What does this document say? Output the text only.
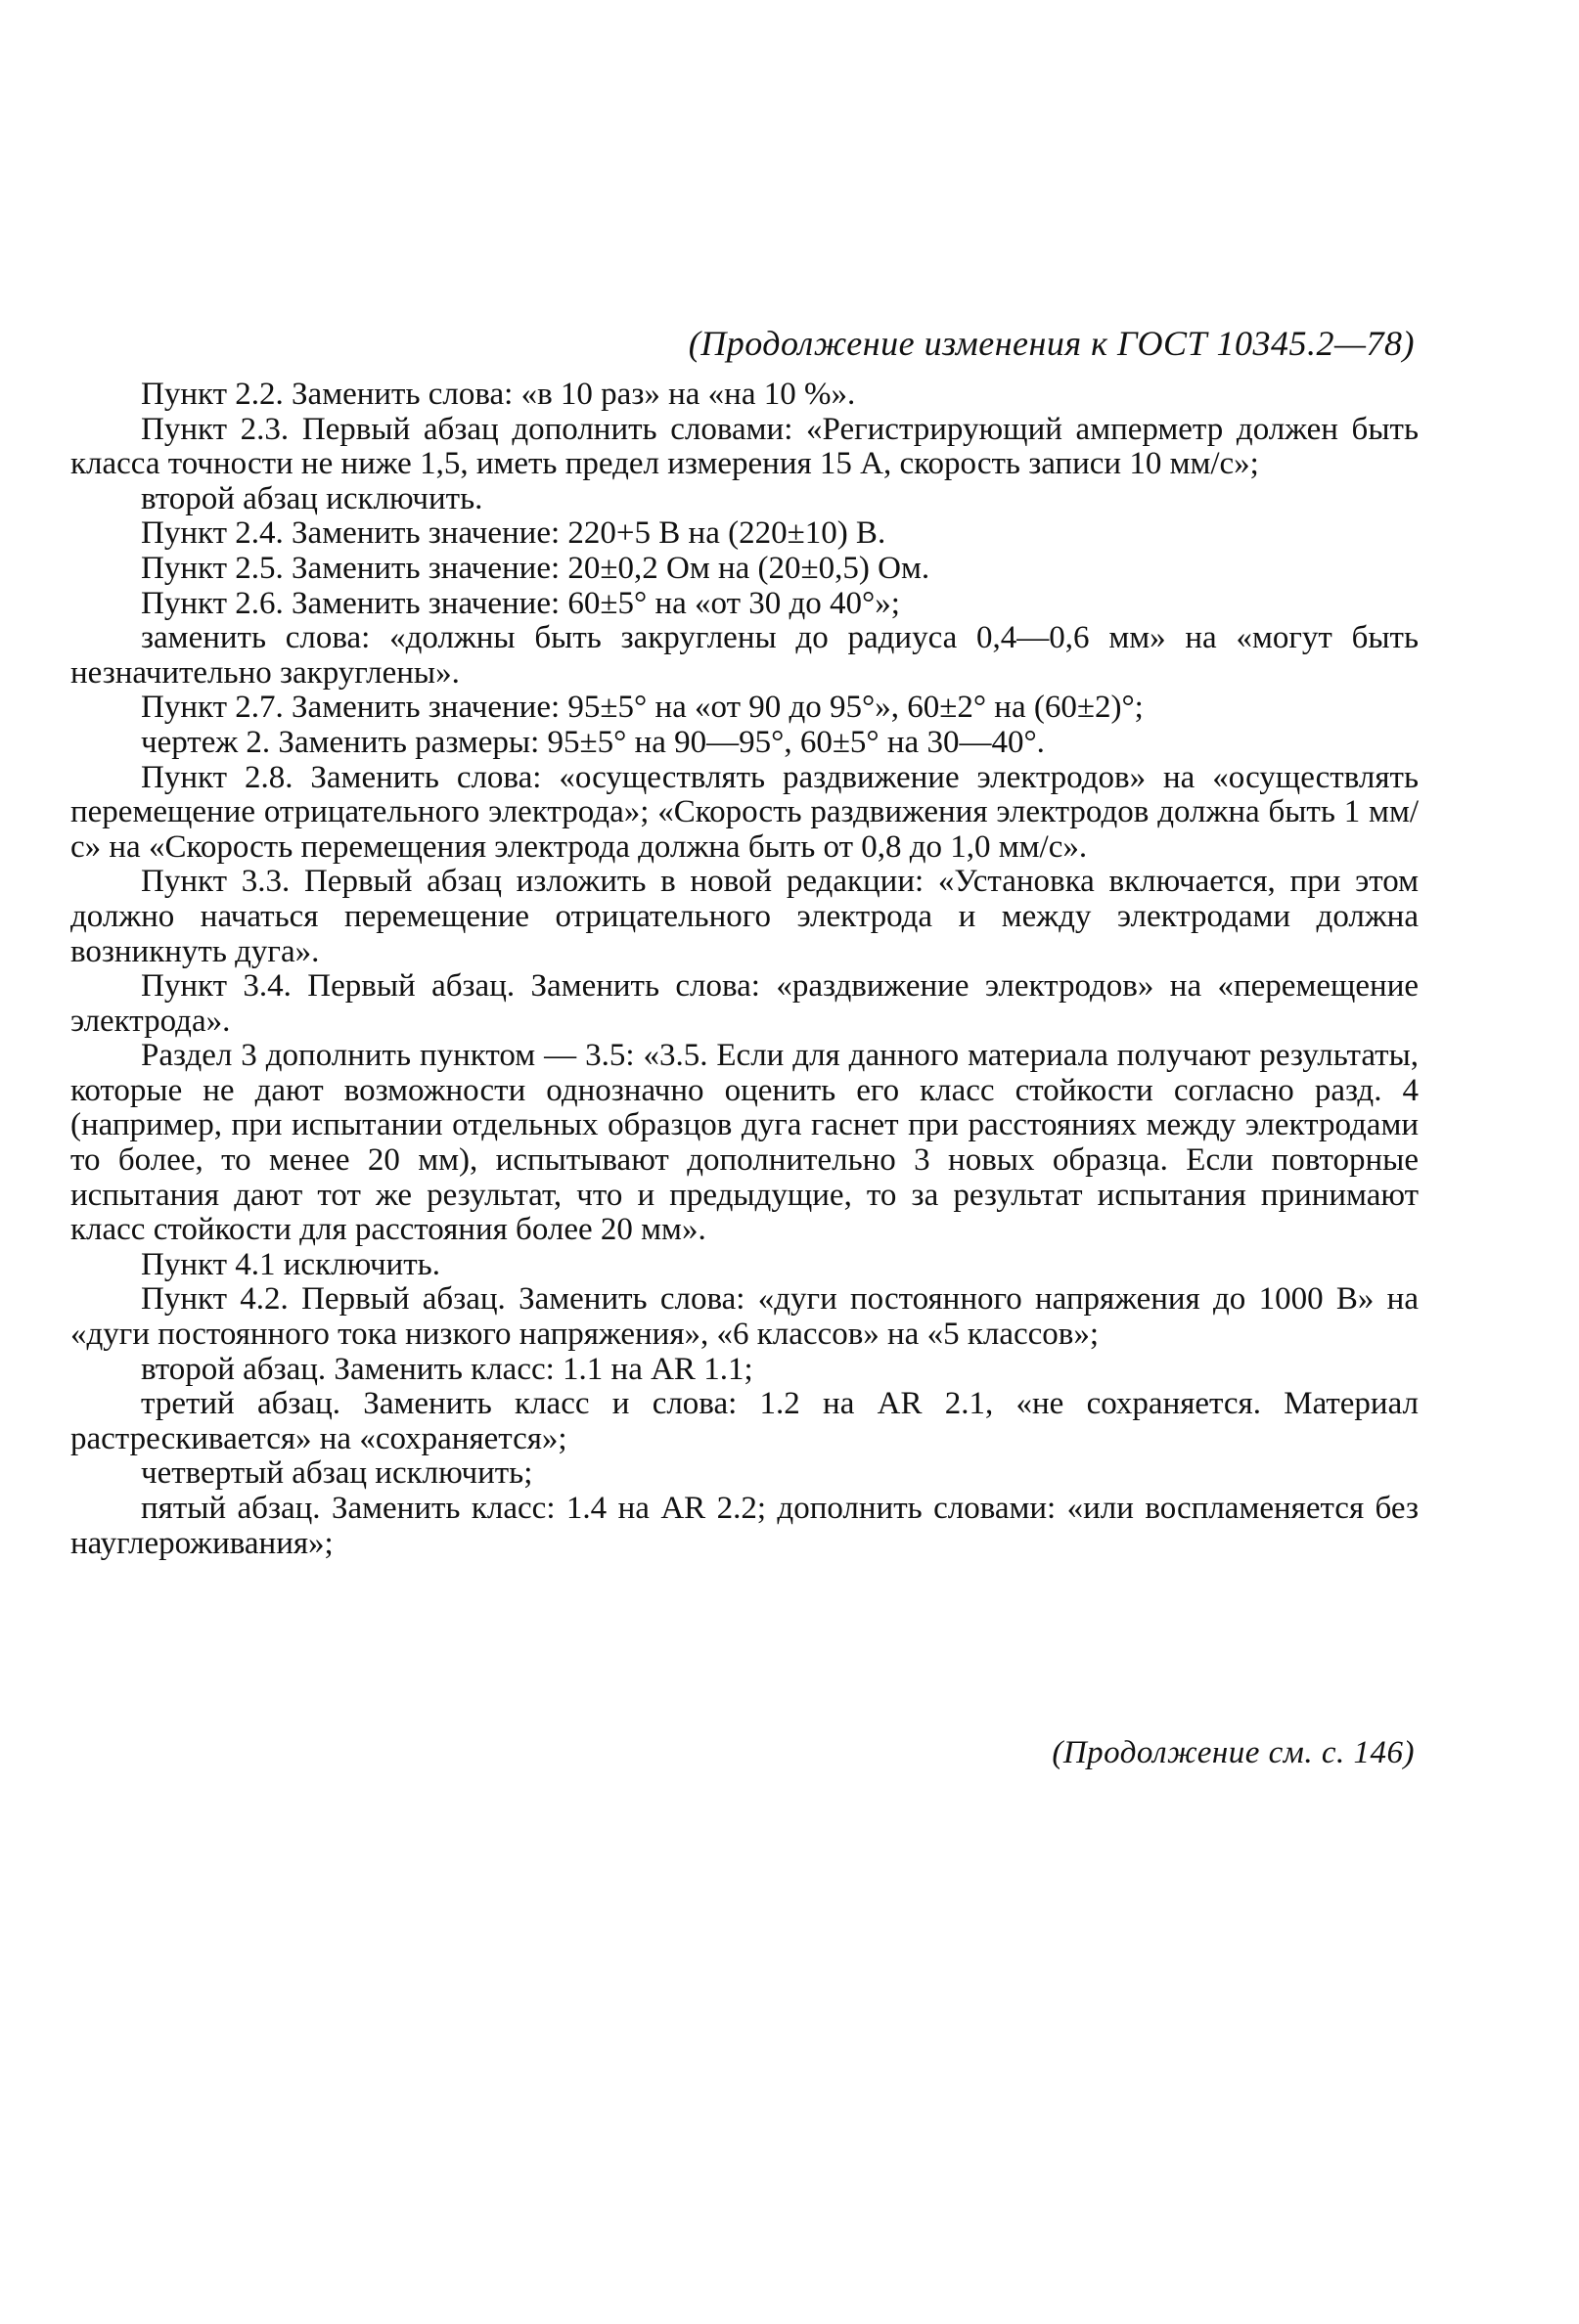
(Продолжение изменения к ГОСТ 10345.2—78)

Пункт 2.2. Заменить слова: «в 10 раз» на «на 10 %».

Пункт 2.3. Первый абзац дополнить словами: «Регистрирующий амперметр должен быть класса точности не ниже 1,5, иметь предел измерения 15 А, скорость записи 10 мм/с»;

второй абзац исключить.

Пункт 2.4. Заменить значение: 220+5 В на (220±10) В.

Пункт 2.5. Заменить значение: 20±0,2 Ом на (20±0,5) Ом.

Пункт 2.6. Заменить значение: 60±5° на «от 30 до 40°»;

заменить слова: «должны быть закруглены до радиуса 0,4—0,6 мм» на «могут быть незначительно закруглены».

Пункт 2.7. Заменить значение: 95±5° на «от 90 до 95°», 60±2° на (60±2)°;

чертеж 2. Заменить размеры: 95±5° на 90—95°, 60±5° на 30—40°.

Пункт 2.8. Заменить слова: «осуществлять раздвижение электродов» на «осуществлять перемещение отрицательного электрода»; «Скорость раздвижения электродов должна быть 1 мм/с» на «Скорость перемещения электрода должна быть от 0,8 до 1,0 мм/с».

Пункт 3.3. Первый абзац изложить в новой редакции: «Установка включается, при этом должно начаться перемещение отрицательного электрода и между электродами должна возникнуть дуга».

Пункт 3.4. Первый абзац. Заменить слова: «раздвижение электродов» на «перемещение электрода».

Раздел 3 дополнить пунктом — 3.5: «3.5. Если для данного материала получают результаты, которые не дают возможности однозначно оценить его класс стойкости согласно разд. 4 (например, при испытании отдельных образцов дуга гаснет при расстояниях между электродами то более, то менее 20 мм), испытывают дополнительно 3 новых образца. Если повторные испытания дают тот же результат, что и предыдущие, то за результат испытания принимают класс стойкости для расстояния более 20 мм».

Пункт 4.1 исключить.

Пункт 4.2. Первый абзац. Заменить слова: «дуги постоянного напряжения до 1000 В» на «дуги постоянного тока низкого напряжения», «6 классов» на «5 классов»;

второй абзац. Заменить класс: 1.1 на AR 1.1;

третий абзац. Заменить класс и слова: 1.2 на AR 2.1, «не сохраняется. Материал растрескивается» на «сохраняется»;

четвертый абзац исключить;

пятый абзац. Заменить класс: 1.4 на AR 2.2; дополнить словами: «или воспламеняется без науглероживания»;

(Продолжение см. с. 146)
